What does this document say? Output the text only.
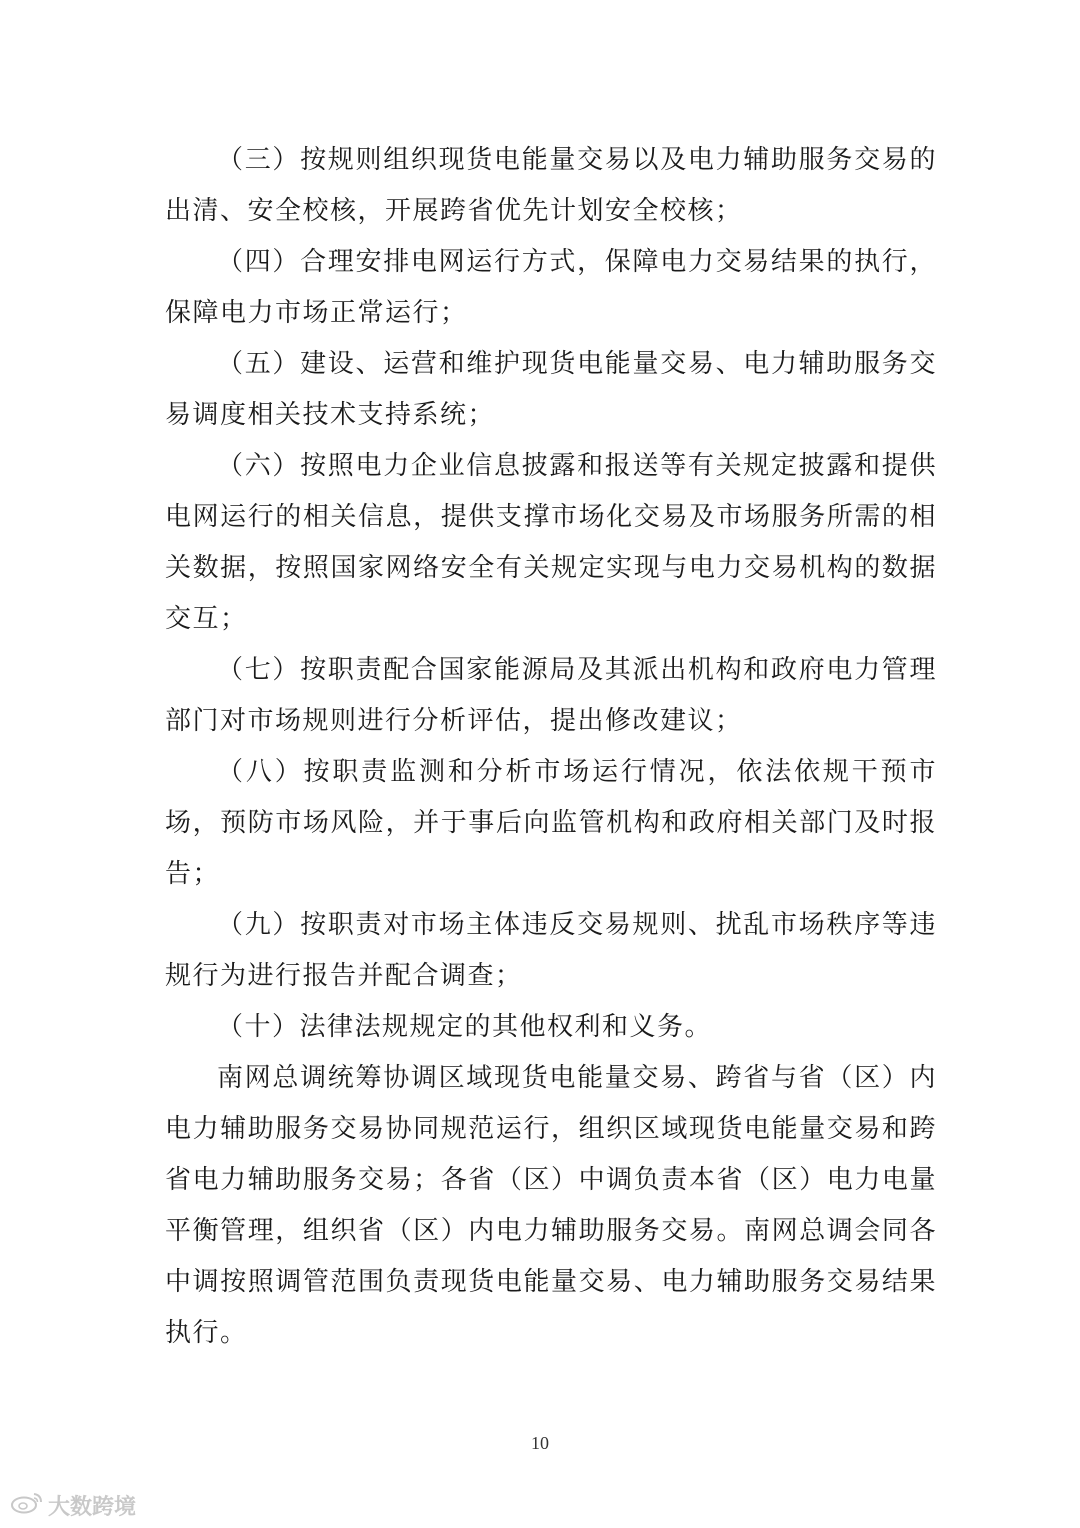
（三）按规则组织现货电能量交易以及电力辅助服务交易的出清、安全校核，开展跨省优先计划安全校核；

（四）合理安排电网运行方式，保障电力交易结果的执行，保障电力市场正常运行；

（五）建设、运营和维护现货电能量交易、电力辅助服务交易调度相关技术支持系统；

（六）按照电力企业信息披露和报送等有关规定披露和提供电网运行的相关信息，提供支撑市场化交易及市场服务所需的相关数据，按照国家网络安全有关规定实现与电力交易机构的数据交互；

（七）按职责配合国家能源局及其派出机构和政府电力管理部门对市场规则进行分析评估，提出修改建议；

（八）按职责监测和分析市场运行情况，依法依规干预市场，预防市场风险，并于事后向监管机构和政府相关部门及时报告；

（九）按职责对市场主体违反交易规则、扰乱市场秩序等违规行为进行报告并配合调查；

（十）法律法规规定的其他权利和义务。

南网总调统筹协调区域现货电能量交易、跨省与省（区）内电力辅助服务交易协同规范运行，组织区域现货电能量交易和跨省电力辅助服务交易；各省（区）中调负责本省（区）电力电量平衡管理，组织省（区）内电力辅助服务交易。南网总调会同各中调按照调管范围负责现货电能量交易、电力辅助服务交易结果执行。

10
大数跨境
